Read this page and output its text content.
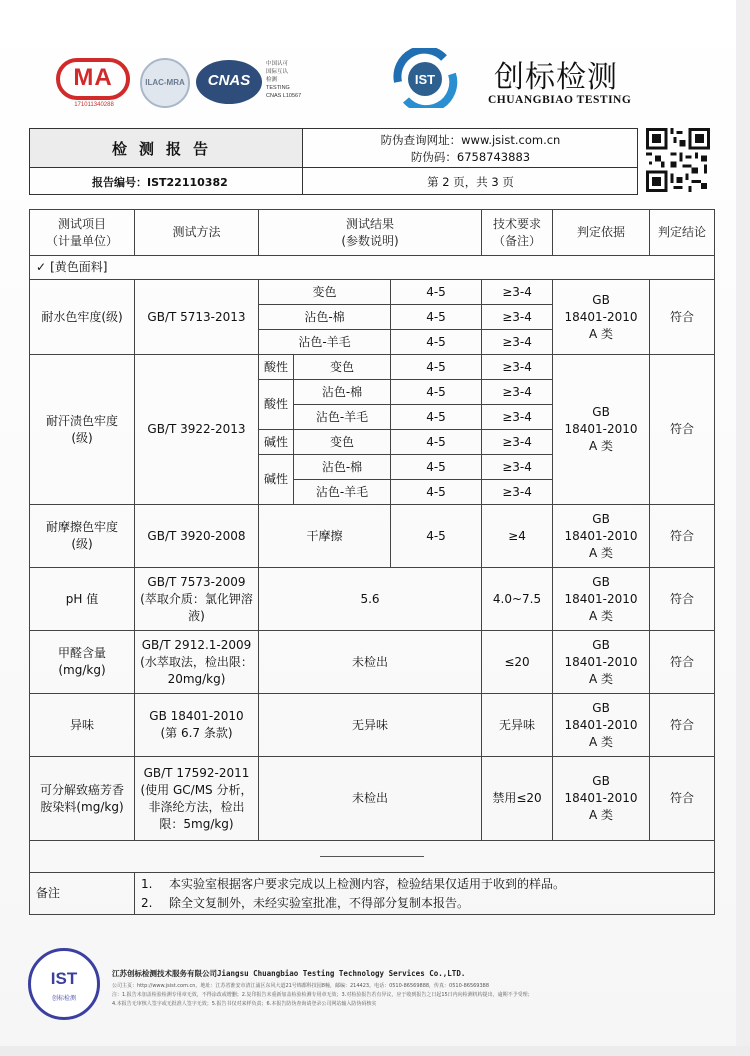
MA
171011340288
ILAC-MRA	CNAS
中国认可
国际互认
检测
TESTING
CNAS L10567
IST 创标检测
CHUANGBIAO TESTING
检测报告
报告编号：IST22110382
防伪查询网址：www.jsist.com.cn
防伪码：6758743883
第 2 页，共 3 页
测试项目
（计量单位）	测试方法	测试结果
(参数说明)			技术要求
（备注）	判定依据	判定结论
✓ [黄色面料]							
耐水色牢度(级)	GB/T 5713-2013	变色		4-5	≥3-4	GB
18401-2010
A 类	符合
		沾色-棉		4-5	≥3-4		
		沾色-羊毛		4-5	≥3-4		
耐汗渍色牢度
(级)	GB/T 3922-2013	酸性	变色	4-5	≥3-4	GB
18401-2010
A 类	符合
		酸性	沾色-棉	4-5	≥3-4		
			沾色-羊毛	4-5	≥3-4		
		碱性	变色	4-5	≥3-4		
		碱性	沾色-棉	4-5	≥3-4		
			沾色-羊毛	4-5	≥3-4		
耐摩擦色牢度
(级)	GB/T 3920-2008	干摩擦		4-5	≥4	GB
18401-2010
A 类	符合
pH 值	GB/T 7573-2009
(萃取介质：氯化钾溶
液)	5.6			4.0~7.5	GB
18401-2010
A 类	符合
甲醛含量
(mg/kg)	GB/T 2912.1-2009
(水萃取法，检出限：
20mg/kg)	未检出			≤20	GB
18401-2010
A 类	符合
异味	GB 18401-2010
(第 6.7 条款)	无异味			无异味	GB
18401-2010
A 类	符合
可分解致癌芳香
胺染料(mg/kg)	GB/T 17592-2011
(使用 GC/MS 分析，
非涤纶方法，检出
限：5mg/kg)	未检出			禁用≤20	GB
18401-2010
A 类	符合

备注	1. 本实验室根据客户要求完成以上检测内容，检验结果仅适用于收到的样品。
2. 除全文复制外，未经实验室批准，不得部分复制本报告。						
IST
创标检测
江苏创标检测技术服务有限公司Jiangsu Chuangbiao Testing Technology Services Co.,LTD.
公司主页：http://www.jsist.com.cn。地址：江苏省淮安市清江浦区东风大道21号锦都科技园8幢，邮编：214423。电话：0510-86569888，传真：0510-86569388
注：1.报告未加盖检验检测专用章无效，不得涂改或增删；2.复印报告未重新加盖检验检测专用章无效；3.对检验报告若有异议，应于收到报告之日起15日内向检测机构提出，逾期不予受理；
4.本报告无审核人签字或无批准人签字无效；5.报告书仅对来样负责；6.本报告防伪查询请登录公司网站输入防伪码核实
